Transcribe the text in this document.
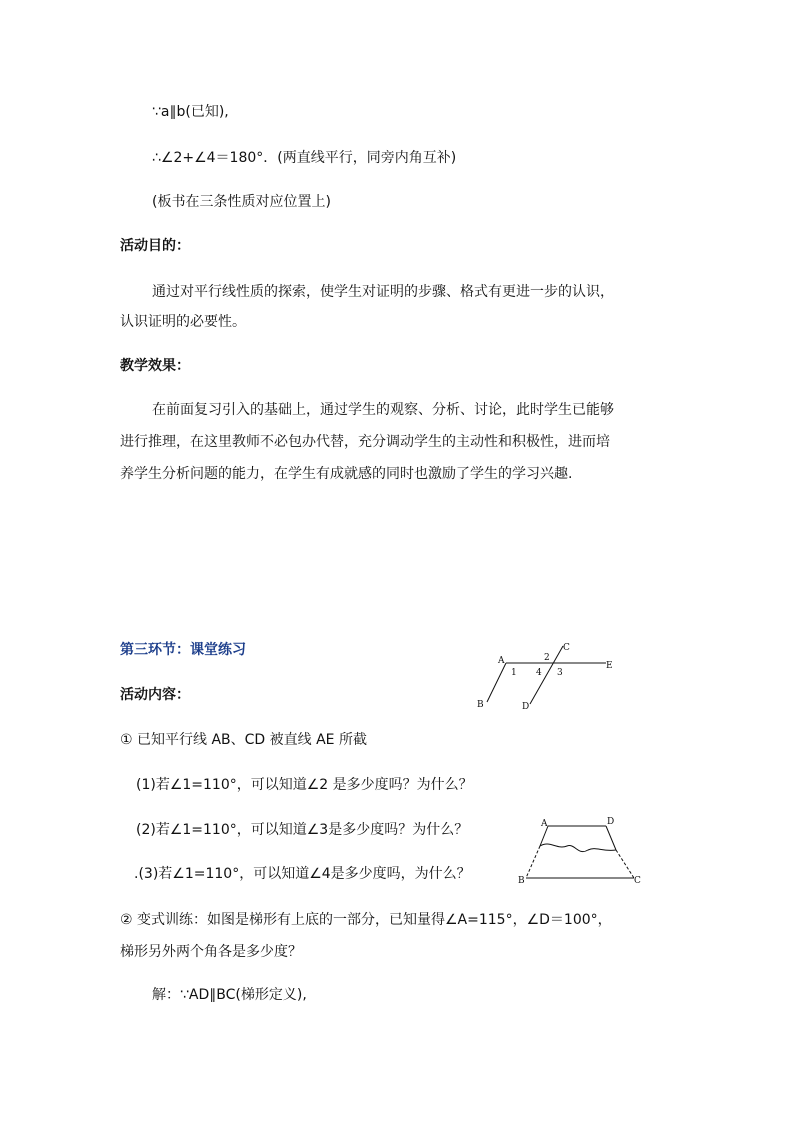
∵a∥b(已知),
∴∠2+∠4＝180°．(两直线平行，同旁内角互补)
(板书在三条性质对应位置上)
活动目的：
通过对平行线性质的探索，使学生对证明的步骤、格式有更进一步的认识，
认识证明的必要性。
教学效果：
在前面复习引入的基础上，通过学生的观察、分析、讨论，此时学生已能够
进行推理，在这里教师不必包办代替，充分调动学生的主动性和积极性，进而培
养学生分析问题的能力，在学生有成就感的同时也激励了学生的学习兴趣.
第三环节：课堂练习
活动内容：
① 已知平行线 AB、CD 被直线 AE 所截
(1)若∠1=110°，可以知道∠2 是多少度吗？为什么？
(2)若∠1=110°，可以知道∠3是多少度吗？为什么？
.(3)若∠1=110°，可以知道∠4是多少度吗，为什么？
② 变式训练：如图是梯形有上底的一部分，已知量得∠A=115°，∠D＝100°，
梯形另外两个角各是多少度？
解：∵AD∥BC(梯形定义),
A
B
C
D
E
1
2
3
4
A	D
B	C
